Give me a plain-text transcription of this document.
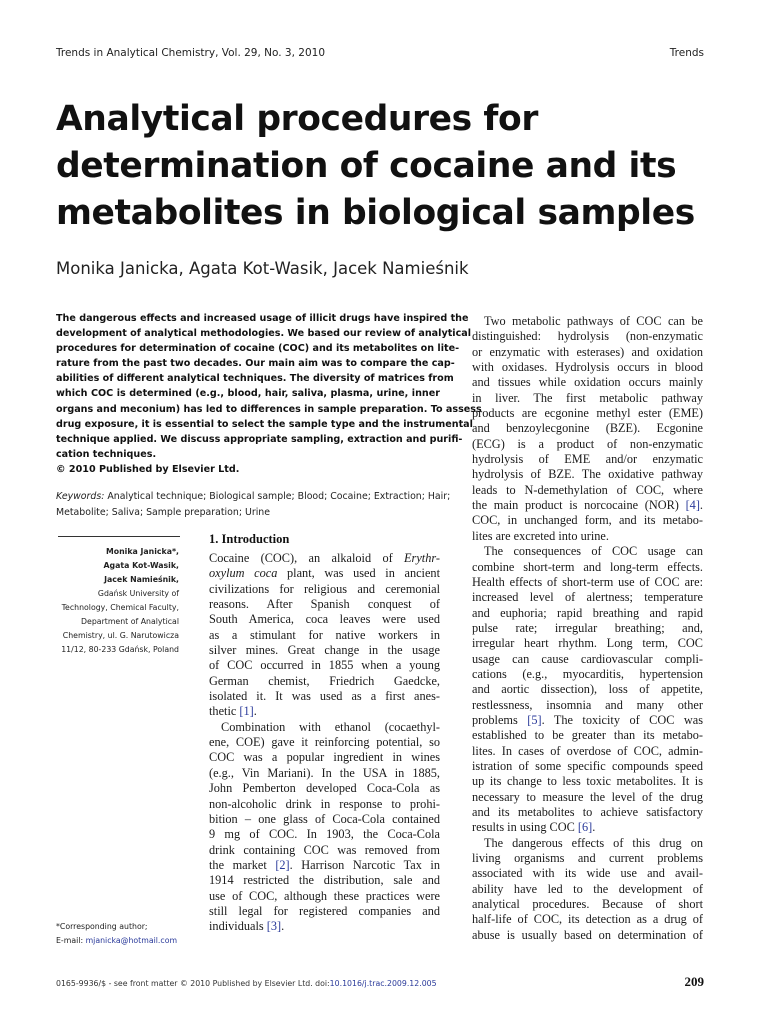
Trends in Analytical Chemistry, Vol. 29, No. 3, 2010	Trends
Analytical procedures for
determination of cocaine and its
metabolites in biological samples
Monika Janicka, Agata Kot-Wasik, Jacek Namieśnik
The dangerous effects and increased usage of illicit drugs have inspired the
development of analytical methodologies. We based our review of analytical
procedures for determination of cocaine (COC) and its metabolites on lite-
rature from the past two decades. Our main aim was to compare the cap-
abilities of different analytical techniques. The diversity of matrices from
which COC is determined (e.g., blood, hair, saliva, plasma, urine, inner
organs and meconium) has led to differences in sample preparation. To assess
drug exposure, it is essential to select the sample type and the instrumental
technique applied. We discuss appropriate sampling, extraction and purifi-
cation techniques.
© 2010 Published by Elsevier Ltd.
Keywords: Analytical technique; Biological sample; Blood; Cocaine; Extraction; Hair;
Metabolite; Saliva; Sample preparation; Urine
Monika Janicka*,
Agata Kot-Wasik,
Jacek Namieśnik,
Gdańsk University of
Technology, Chemical Faculty,
Department of Analytical
Chemistry, ul. G. Narutowicza
11/12, 80-233 Gdańsk, Poland
*Corresponding author;
E-mail: mjanicka@hotmail.com
1. Introduction
Cocaine (COC), an alkaloid of Erythr-
oxylum coca plant, was used in ancient
civilizations for religious and ceremonial
reasons. After Spanish conquest of
South America, coca leaves were used
as a stimulant for native workers in
silver mines. Great change in the usage
of COC occurred in 1855 when a young
German chemist, Friedrich Gaedcke,
isolated it. It was used as a first anes-
thetic [1].
Combination with ethanol (cocaethyl-
ene, COE) gave it reinforcing potential, so
COC was a popular ingredient in wines
(e.g., Vin Mariani). In the USA in 1885,
John Pemberton developed Coca-Cola as
non-alcoholic drink in response to prohi-
bition – one glass of Coca-Cola contained
9 mg of COC. In 1903, the Coca-Cola
drink containing COC was removed from
the market [2]. Harrison Narcotic Tax in
1914 restricted the distribution, sale and
use of COC, although these practices were
still legal for registered companies and
individuals [3].
Two metabolic pathways of COC can be
distinguished: hydrolysis (non-enzymatic
or enzymatic with esterases) and oxidation
with oxidases. Hydrolysis occurs in blood
and tissues while oxidation occurs mainly
in liver. The first metabolic pathway
products are ecgonine methyl ester (EME)
and benzoylecgonine (BZE). Ecgonine
(ECG) is a product of non-enzymatic
hydrolysis of EME and/or enzymatic
hydrolysis of BZE. The oxidative pathway
leads to N-demethylation of COC, where
the main product is norcocaine (NOR) [4].
COC, in unchanged form, and its metabo-
lites are excreted into urine.
The consequences of COC usage can
combine short-term and long-term effects.
Health effects of short-term use of COC are:
increased level of alertness; temperature
and euphoria; rapid breathing and rapid
pulse rate; irregular breathing; and,
irregular heart rhythm. Long term, COC
usage can cause cardiovascular compli-
cations (e.g., myocarditis, hypertension
and aortic dissection), loss of appetite,
restlessness, insomnia and many other
problems [5]. The toxicity of COC was
established to be greater than its metabo-
lites. In cases of overdose of COC, admin-
istration of some specific compounds speed
up its change to less toxic metabolites. It is
necessary to measure the level of the drug
and its metabolites to achieve satisfactory
results in using COC [6].
The dangerous effects of this drug on
living organisms and current problems
associated with its wide use and avail-
ability have led to the development of
analytical procedures. Because of short
half-life of COC, its detection as a drug of
abuse is usually based on determination of
0165-9936/$ - see front matter © 2010 Published by Elsevier Ltd. doi:10.1016/j.trac.2009.12.005	209
